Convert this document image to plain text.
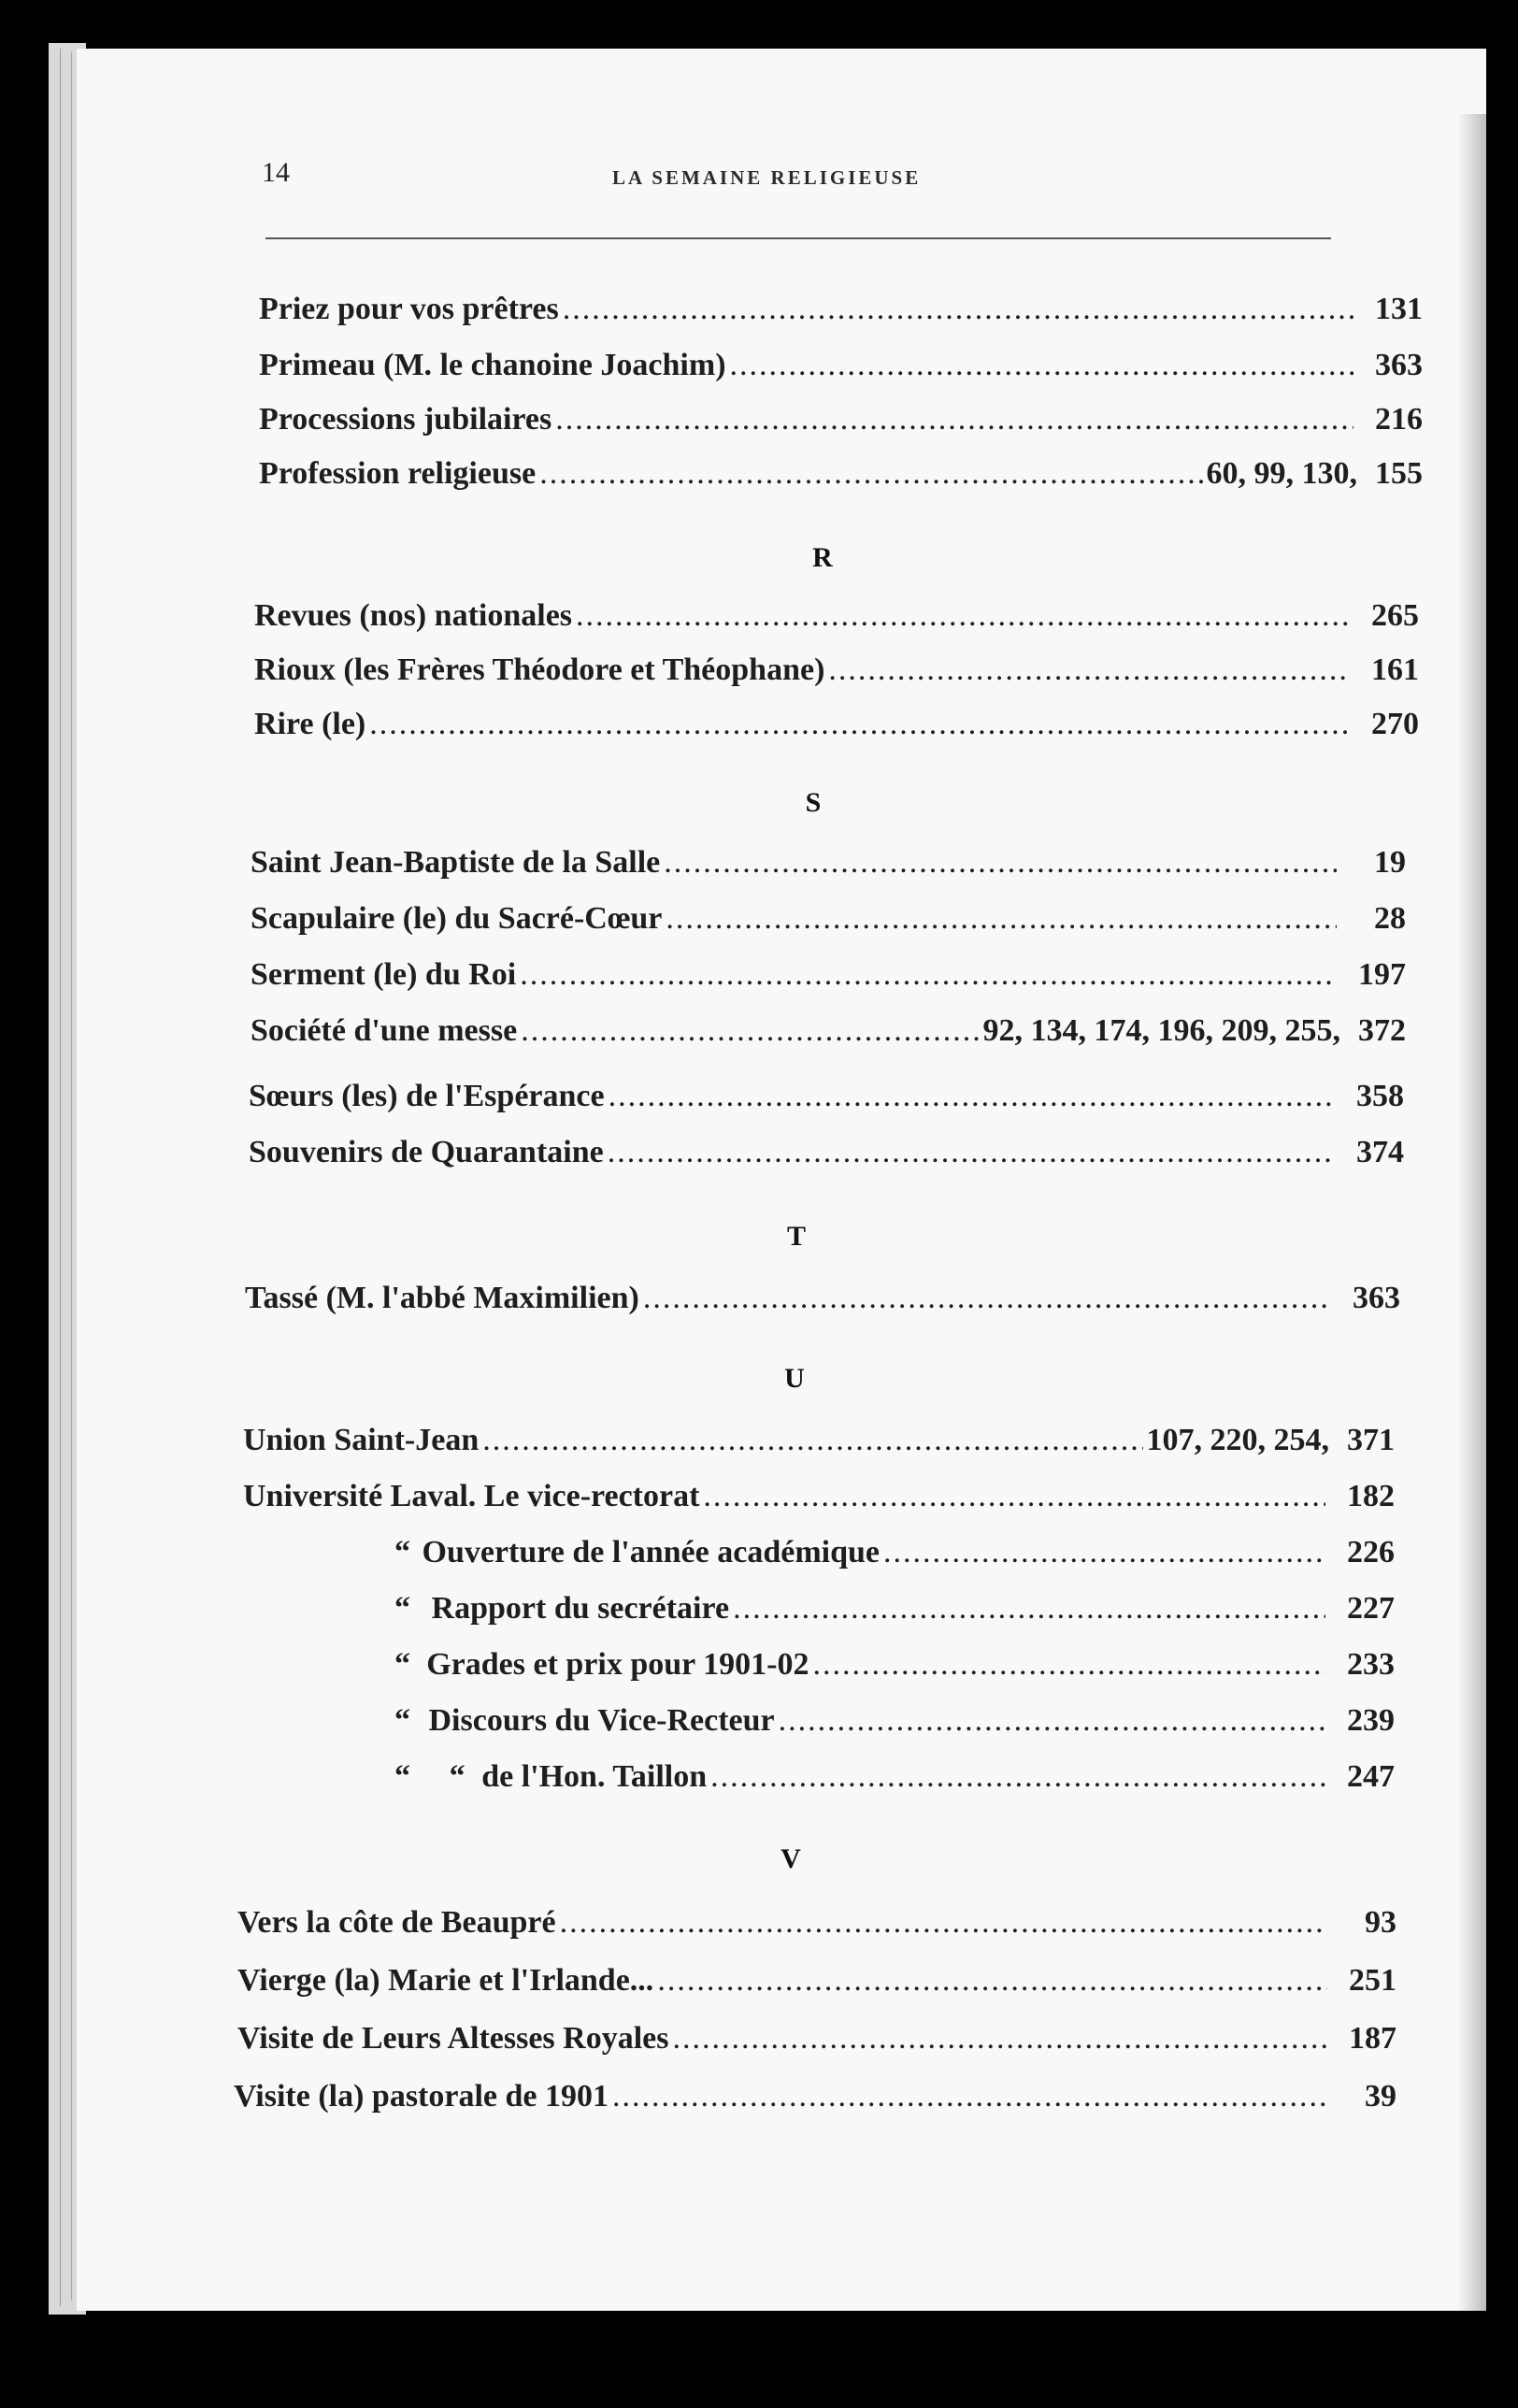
14	LA SEMAINE RELIGIEUSE
Priez pour vos prêtres .....	131
Primeau (M. le chanoine Joachim) .....	363
Processions jubilaires .....	216
Profession religieuse .....	60, 99, 130, 155
R
Revues (nos) nationales .....	265
Rioux (les Frères Théodore et Théophane) .....	161
Rire (le) .....	270
S
Saint Jean-Baptiste de la Salle .....	19
Scapulaire (le) du Sacré-Cœur .....	28
Serment (le) du Roi .....	197
Société d'une messe .....	92, 134, 174, 196, 209, 255, 372
Sœurs (les) de l'Espérance .....	358
Souvenirs de Quarantaine .....	374
T
Tassé (M. l'abbé Maximilien) .....	363
U
Union Saint-Jean .....	107, 220, 254, 371
Université Laval. Le vice-rectorat .....	182
“ Ouverture de l'année académique .....	226
“ Rapport du secrétaire .....	227
“ Grades et prix pour 1901-02 .....	233
“ Discours du Vice-Recteur .....	239
“	“ de l'Hon. Taillon .....	247
V
Vers la côte de Beaupré .....	93
Vierge (la) Marie et l'Irlande... .....	251
Visite de Leurs Altesses Royales .....	187
Visite (la) pastorale de 1901 .....	39
